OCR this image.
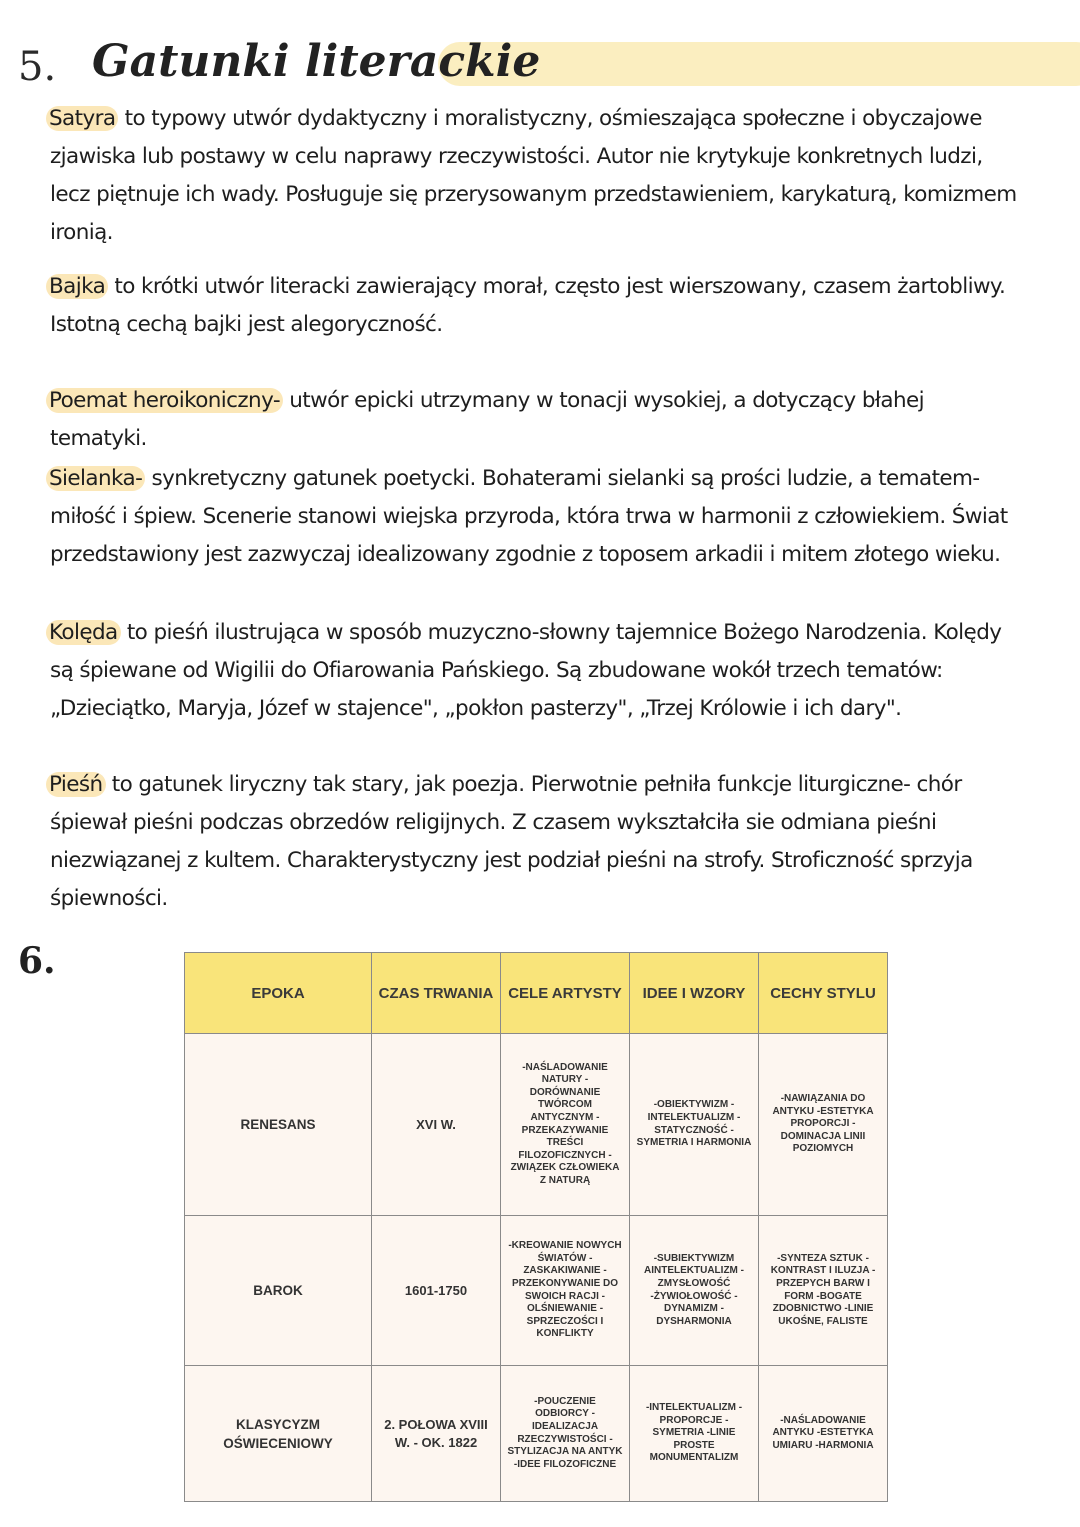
5. Gatunki literackie

Satyra to typowy utwór dydaktyczny i moralistyczny, ośmieszająca społeczne i obyczajowe zjawiska lub postawy w celu naprawy rzeczywistości. Autor nie krytykuje konkretnych ludzi, lecz piętnuje ich wady. Posługuje się przerysowanym przedstawieniem, karykaturą, komizmem ironią.

Bajka to krótki utwór literacki zawierający morał, często jest wierszowany, czasem żartobliwy. Istotną cechą bajki jest alegoryczność.

Poemat heroikoniczny- utwór epicki utrzymany w tonacji wysokiej, a dotyczący błahej tematyki.

Sielanka- synkretyczny gatunek poetycki. Bohaterami sielanki są prości ludzie, a tematem- miłość i śpiew. Scenerie stanowi wiejska przyroda, która trwa w harmonii z człowiekiem. Świat przedstawiony jest zazwyczaj idealizowany zgodnie z toposem arkadii i mitem złotego wieku.

Kolęda to pieśń ilustrująca w sposób muzyczno-słowny tajemnice Bożego Narodzenia. Kolędy są śpiewane od Wigilii do Ofiarowania Pańskiego. Są zbudowane wokół trzech tematów: „Dzieciątko, Maryja, Józef w stajence", „pokłon pasterzy", „Trzej Królowie i ich dary".

Pieśń to gatunek liryczny tak stary, jak poezja. Pierwotnie pełniła funkcje liturgiczne- chór śpiewał pieśni podczas obrzedów religijnych. Z czasem wykształciła sie odmiana pieśni niezwiązanej z kultem. Charakterystyczny jest podział pieśni na strofy. Stroficzność sprzyja śpiewności.

6.
EPOKA	CZAS TRWANIA	CELE ARTYSTY	IDEE I WZORY	CECHY STYLU
RENESANS	XVI W.	-NAŚLADOWANIE NATURY -DORÓWNANIE TWÓRCOM ANTYCZNYM -PRZEKAZYWANIE TREŚCI FILOZOFICZNYCH -ZWIĄZEK CZŁOWIEKA Z NATURĄ	-OBIEKTYWIZM -INTELEKTUALIZM -STATYCZNOŚĆ -SYMETRIA I HARMONIA	-NAWIĄZANIA DO ANTYKU -ESTETYKA PROPORCJI -DOMINACJA LINII POZIOMYCH
BAROK	1601-1750	-KREOWANIE NOWYCH ŚWIATÓW -ZASKAKIWANIE -PRZEKONYWANIE DO SWOICH RACJI -OLŚNIEWANIE -SPRZECZOŚCI I KONFLIKTY	-SUBIEKTYWIZM AINTELEKTUALIZM -ZMYSŁOWOŚĆ -ŻYWIOŁOWOŚĆ -DYNAMIZM -DYSHARMONIA	-SYNTEZA SZTUK -KONTRAST I ILUZJA -PRZEPYCH BARW I FORM -BOGATE ZDOBNICTWO -LINIE UKOŚNE, FALISTE
KLASYCYZM OŚWIECENIOWY	2. POŁOWA XVIII W. - OK. 1822	-POUCZENIE ODBIORCY -IDEALIZACJA RZECZYWISTOŚCI -STYLIZACJA NA ANTYK -IDEE FILOZOFICZNE	-INTELEKTUALIZM -PROPORCJE -SYMETRIA -LINIE PROSTE MONUMENTALIZM	-NAŚLADOWANIE ANTYKU -ESTETYKA UMIARU -HARMONIA
